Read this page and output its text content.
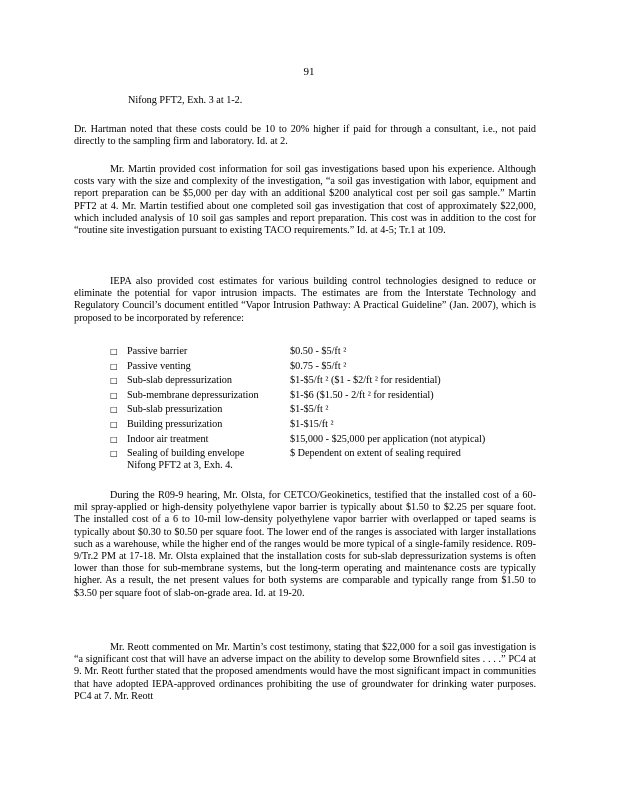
91
Nifong PFT2, Exh. 3 at 1-2.
Dr. Hartman noted that these costs could be 10 to 20% higher if paid for through a consultant, i.e., not paid directly to the sampling firm and laboratory. Id. at 2.
Mr. Martin provided cost information for soil gas investigations based upon his experience. Although costs vary with the size and complexity of the investigation, “a soil gas investigation with labor, equipment and report preparation can be $5,000 per day with an additional $200 analytical cost per soil gas sample.” Martin PFT2 at 4. Mr. Martin testified about one completed soil gas investigation that cost of approximately $22,000, which included analysis of 10 soil gas samples and report preparation. This cost was in addition to the cost for “routine site investigation pursuant to existing TACO requirements.” Id. at 4-5; Tr.1 at 109.
IEPA also provided cost estimates for various building control technologies designed to reduce or eliminate the potential for vapor intrusion impacts. The estimates are from the Interstate Technology and Regulatory Council’s document entitled “Vapor Intrusion Pathway: A Practical Guideline” (Jan. 2007), which is proposed to be incorporated by reference:
□ Passive barrier	$0.50 - $5/ft ²
□ Passive venting	$0.75 - $5/ft ²
□ Sub-slab depressurization	$1-$5/ft ² ($1 - $2/ft ² for residential)
□ Sub-membrane depressurization	$1-$6 ($1.50 - 2/ft ² for residential)
□ Sub-slab pressurization	$1-$5/ft ²
□ Building pressurization	$1-$15/ft ²
□ Indoor air treatment	$15,000 - $25,000 per application (not atypical)
□ Sealing of building envelope	$ Dependent on extent of sealing required
Nifong PFT2 at 3, Exh. 4.
During the R09-9 hearing, Mr. Olsta, for CETCO/Geokinetics, testified that the installed cost of a 60-mil spray-applied or high-density polyethylene vapor barrier is typically about $1.50 to $2.25 per square foot. The installed cost of a 6 to 10-mil low-density polyethylene vapor barrier with overlapped or taped seams is typically about $0.30 to $0.50 per square foot. The lower end of the ranges is associated with larger installations such as a warehouse, while the higher end of the ranges would be more typical of a single-family residence. R09-9/Tr.2 PM at 17-18. Mr. Olsta explained that the installation costs for sub-slab depressurization systems is often lower than those for sub-membrane systems, but the long-term operating and maintenance costs are typically higher. As a result, the net present values for both systems are comparable and typically range from $1.50 to $3.50 per square foot of slab-on-grade area. Id. at 19-20.
Mr. Reott commented on Mr. Martin’s cost testimony, stating that $22,000 for a soil gas investigation is “a significant cost that will have an adverse impact on the ability to develop some Brownfield sites . . . .” PC4 at 9. Mr. Reott further stated that the proposed amendments would have the most significant impact in communities that have adopted IEPA-approved ordinances prohibiting the use of groundwater for drinking water purposes. PC4 at 7. Mr. Reott
